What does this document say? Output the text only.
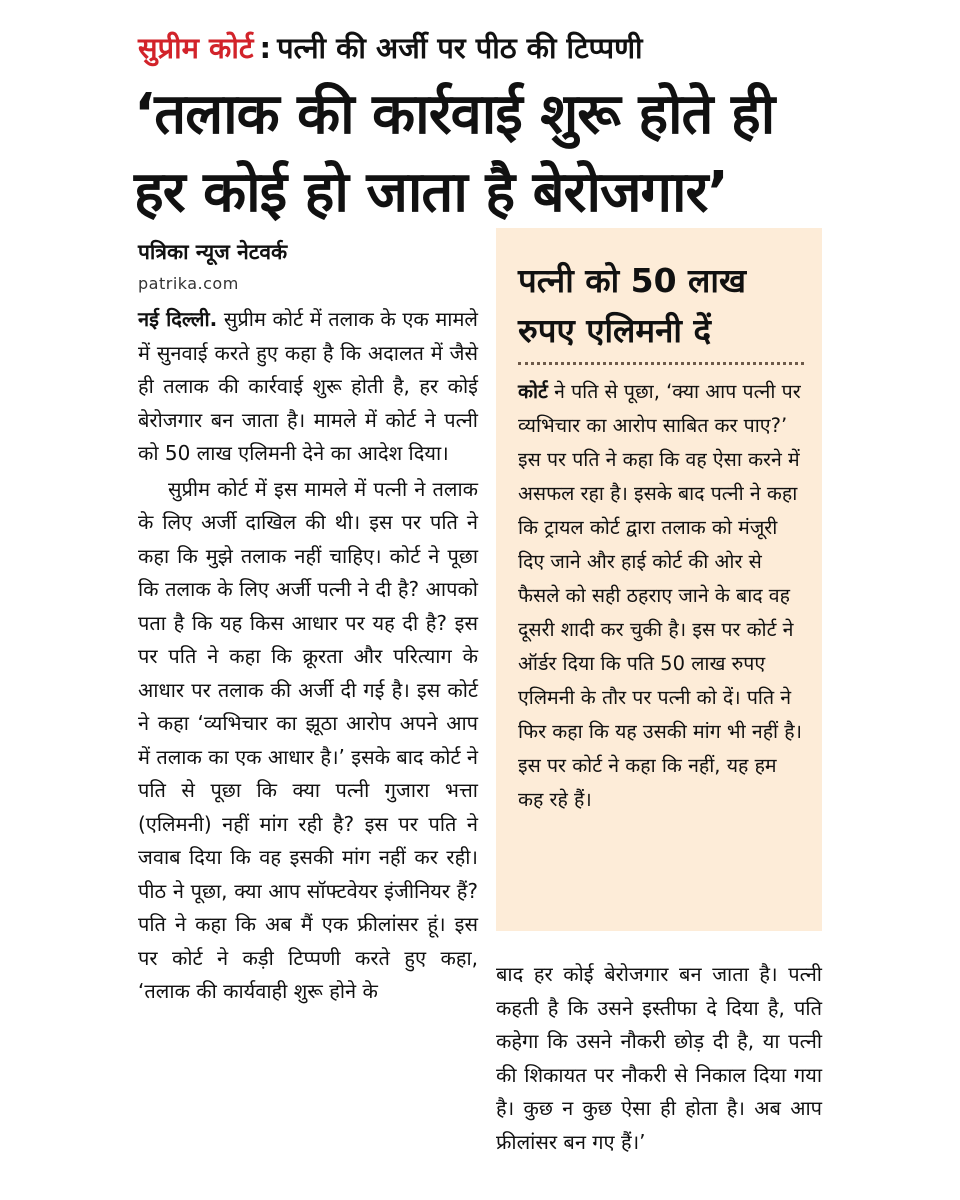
सुप्रीम कोर्ट : पत्नी की अर्जी पर पीठ की टिप्पणी
‘तलाक की कार्रवाई शुरू होते ही
हर कोई हो जाता है बेरोजगार’
पत्रिका न्यूज नेटवर्क
patrika.com

नई दिल्ली. सुप्रीम कोर्ट में तलाक के एक मामले में सुनवाई करते हुए कहा है कि अदालत में जैसे ही तलाक की कार्रवाई शुरू होती है, हर कोई बेरोजगार बन जाता है। मामले में कोर्ट ने पत्नी को 50 लाख एलिमनी देने का आदेश दिया।

सुप्रीम कोर्ट में इस मामले में पत्नी ने तलाक के लिए अर्जी दाखिल की थी। इस पर पति ने कहा कि मुझे तलाक नहीं चाहिए। कोर्ट ने पूछा कि तलाक के लिए अर्जी पत्नी ने दी है? आपको पता है कि यह किस आधार पर यह दी है? इस पर पति ने कहा कि क्रूरता और परित्याग के आधार पर तलाक की अर्जी दी गई है। इस कोर्ट ने कहा ‘व्यभिचार का झूठा आरोप अपने आप में तलाक का एक आधार है।’ इसके बाद कोर्ट ने पति से पूछा कि क्या पत्नी गुजारा भत्ता (एलिमनी) नहीं मांग रही है? इस पर पति ने जवाब दिया कि वह इसकी मांग नहीं कर रही। पीठ ने पूछा, क्या आप सॉफ्टवेयर इंजीनियर हैं? पति ने कहा कि अब मैं एक फ्रीलांसर हूं। इस पर कोर्ट ने कड़ी टिप्पणी करते हुए कहा, ‘तलाक की कार्यवाही शुरू होने के

पत्नी को 50 लाख रुपए एलिमनी दें
कोर्ट ने पति से पूछा, ‘क्या आप पत्नी पर व्यभिचार का आरोप साबित कर पाए?’ इस पर पति ने कहा कि वह ऐसा करने में असफल रहा है। इसके बाद पत्नी ने कहा कि ट्रायल कोर्ट द्वारा तलाक को मंजूरी दिए जाने और हाई कोर्ट की ओर से फैसले को सही ठहराए जाने के बाद वह दूसरी शादी कर चुकी है। इस पर कोर्ट ने ऑर्डर दिया कि पति 50 लाख रुपए एलिमनी के तौर पर पत्नी को दें। पति ने फिर कहा कि यह उसकी मांग भी नहीं है। इस पर कोर्ट ने कहा कि नहीं, यह हम कह रहे हैं।

बाद हर कोई बेरोजगार बन जाता है। पत्नी कहती है कि उसने इस्तीफा दे दिया है, पति कहेगा कि उसने नौकरी छोड़ दी है, या पत्नी की शिकायत पर नौकरी से निकाल दिया गया है। कुछ न कुछ ऐसा ही होता है। अब आप फ्रीलांसर बन गए हैं।’
